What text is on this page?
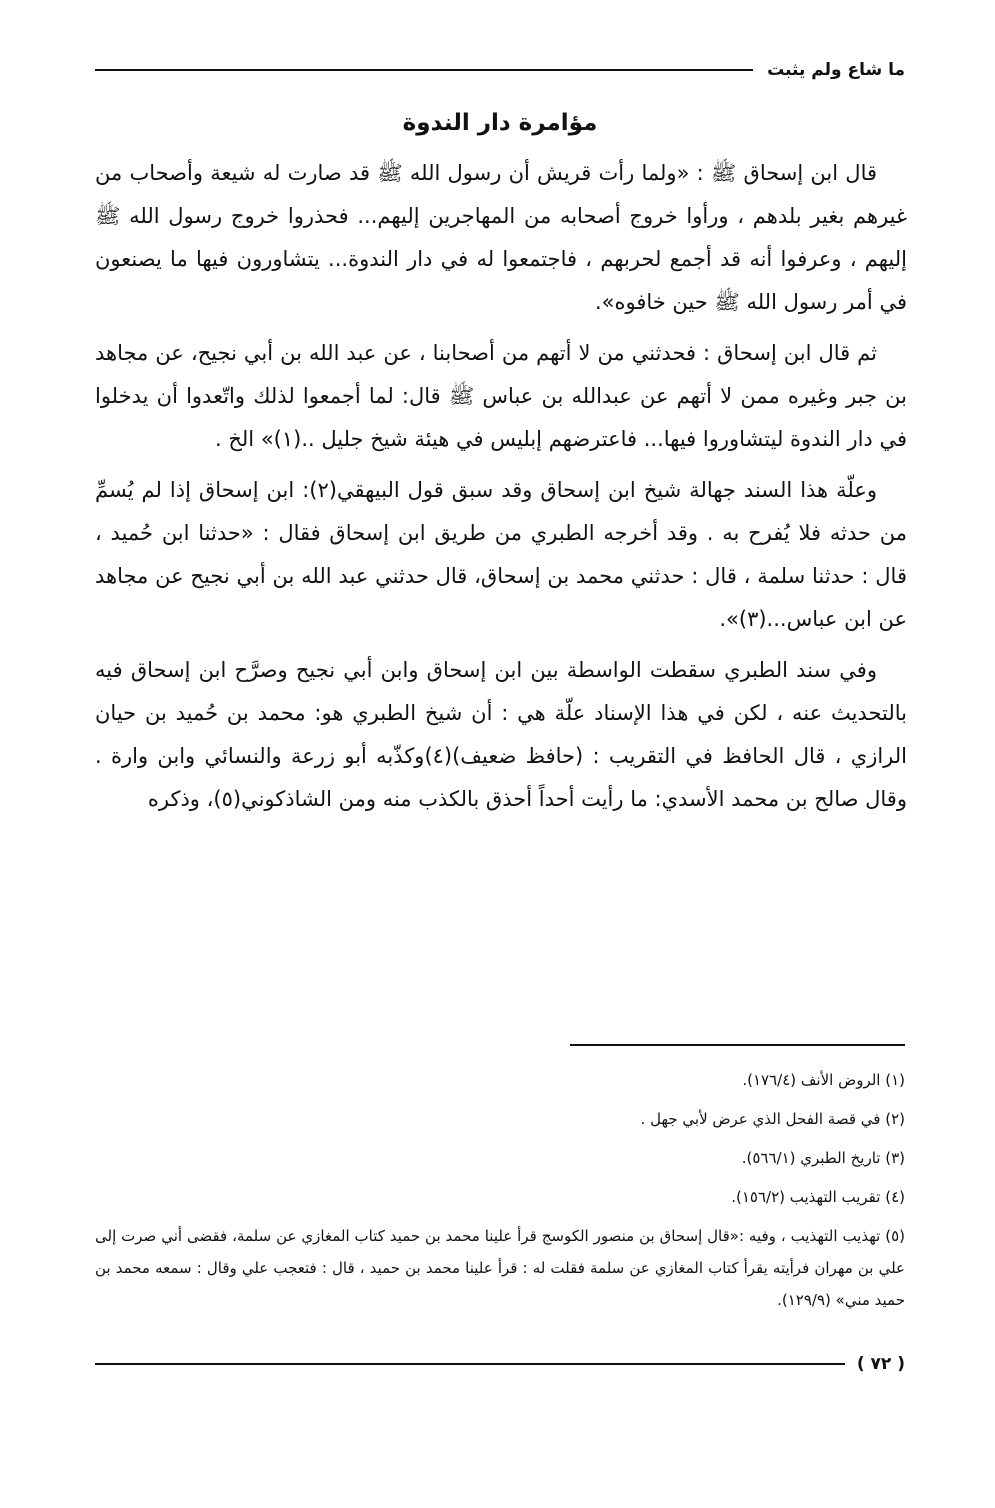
ما شاع ولم يثبت
مؤامرة دار الندوة

قال ابن إسحاق ﷺ : «ولما رأت قريش أن رسول الله ﷺ قد صارت له شيعة وأصحاب من غيرهم بغير بلدهم ، ورأوا خروج أصحابه من المهاجرين إليهم... فحذروا خروج رسول الله ﷺ إليهم ، وعرفوا أنه قد أجمع لحربهم ، فاجتمعوا له في دار الندوة... يتشاورون فيها ما يصنعون في أمر رسول الله ﷺ حين خافوه».

ثم قال ابن إسحاق : فحدثني من لا أتهم من أصحابنا ، عن عبد الله بن أبي نجيح، عن مجاهد بن جبر وغيره ممن لا أتهم عن عبدالله بن عباس ﷺ قال: لما أجمعوا لذلك واتّعدوا أن يدخلوا في دار الندوة ليتشاوروا فيها... فاعترضهم إبليس في هيئة شيخ جليل ..(١)» الخ .

وعلّة هذا السند جهالة شيخ ابن إسحاق وقد سبق قول البيهقي(٢): ابن إسحاق إذا لم يُسمِّ من حدثه فلا يُفرح به . وقد أخرجه الطبري من طريق ابن إسحاق فقال : «حدثنا ابن حُميد ، قال : حدثنا سلمة ، قال : حدثني محمد بن إسحاق، قال حدثني عبد الله بن أبي نجيح عن مجاهد عن ابن عباس...(٣)».

وفي سند الطبري سقطت الواسطة بين ابن إسحاق وابن أبي نجيح وصرَّح ابن إسحاق فيه بالتحديث عنه ، لكن في هذا الإسناد علّة هي : أن شيخ الطبري هو: محمد بن حُميد بن حيان الرازي ، قال الحافظ في التقريب : (حافظ ضعيف)(٤)وكذّبه أبو زرعة والنسائي وابن وارة . وقال صالح بن محمد الأسدي: ما رأيت أحداً أحذق بالكذب منه ومن الشاذكوني(٥)، وذكره

(١) الروض الأنف (١٧٦/٤).
(٢) في قصة الفحل الذي عرض لأبي جهل .
(٣) تاريخ الطبري (٥٦٦/١).
(٤) تقريب التهذيب (١٥٦/٢).
(٥) تهذيب التهذيب ، وفيه :«قال إسحاق بن منصور الكوسج قرأ علينا محمد بن حميد كتاب المغازي عن سلمة، فقضى أني صرت إلى علي بن مهران فرأيته يقرأ كتاب المغازي عن سلمة فقلت له : قرأ علينا محمد بن حميد ، قال : فتعجب علي وقال : سمعه محمد بن حميد مني» (١٢٩/٩).
( ٧٢ )
